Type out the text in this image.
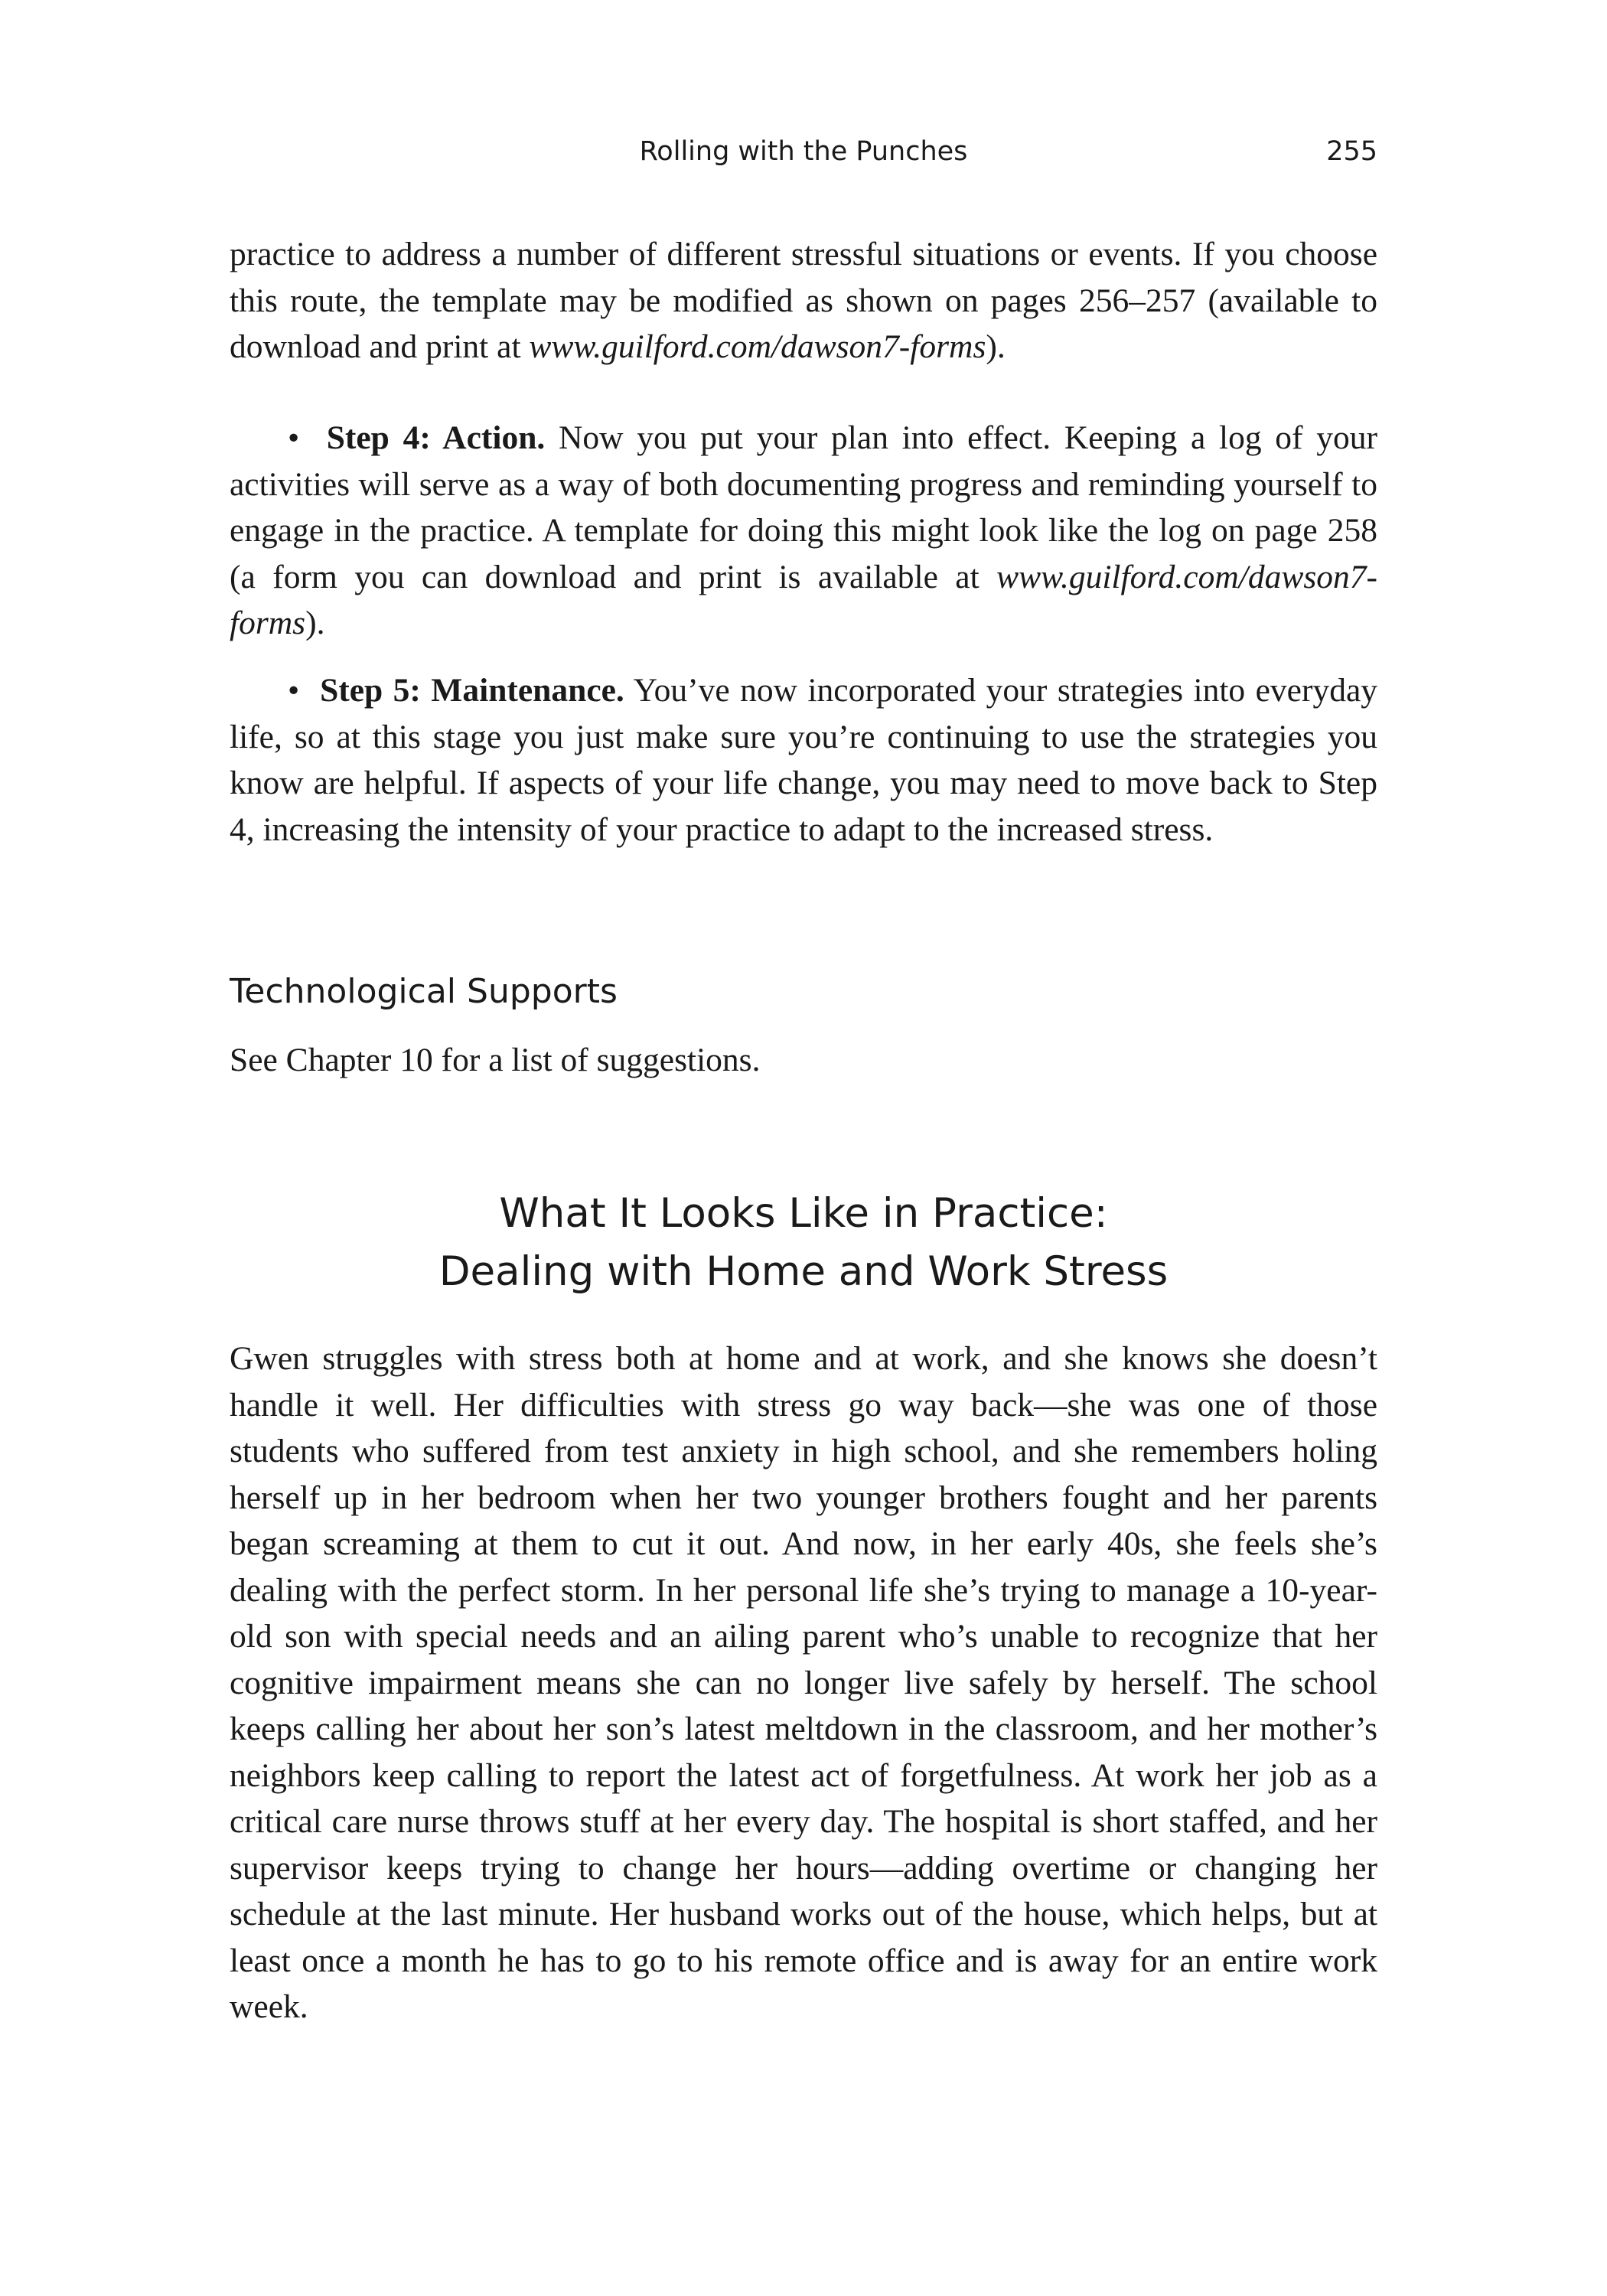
Rolling with the Punches	255

practice to address a number of different stressful situations or events. If you choose this route, the template may be modified as shown on pages 256–257 (available to download and print at www.guilford.com/dawson7-forms).

• Step 4: Action. Now you put your plan into effect. Keeping a log of your activities will serve as a way of both documenting progress and reminding yourself to engage in the practice. A template for doing this might look like the log on page 258 (a form you can download and print is available at www.guilford.com/dawson7-forms).

• Step 5: Maintenance. You’ve now incorporated your strategies into everyday life, so at this stage you just make sure you’re continuing to use the strategies you know are helpful. If aspects of your life change, you may need to move back to Step 4, increasing the intensity of your practice to adapt to the increased stress.

Technological Supports

See Chapter 10 for a list of suggestions.

What It Looks Like in Practice:
Dealing with Home and Work Stress

Gwen struggles with stress both at home and at work, and she knows she doesn’t handle it well. Her difficulties with stress go way back—she was one of those students who suffered from test anxiety in high school, and she remembers holing herself up in her bedroom when her two younger brothers fought and her parents began screaming at them to cut it out. And now, in her early 40s, she feels she’s dealing with the perfect storm. In her personal life she’s trying to manage a 10-year-old son with special needs and an ailing parent who’s unable to recognize that her cognitive impairment means she can no longer live safely by herself. The school keeps calling her about her son’s latest meltdown in the classroom, and her mother’s neighbors keep calling to report the latest act of forgetfulness. At work her job as a critical care nurse throws stuff at her every day. The hospital is short staffed, and her supervisor keeps trying to change her hours—adding overtime or changing her schedule at the last minute. Her husband works out of the house, which helps, but at least once a month he has to go to his remote office and is away for an entire work week.
